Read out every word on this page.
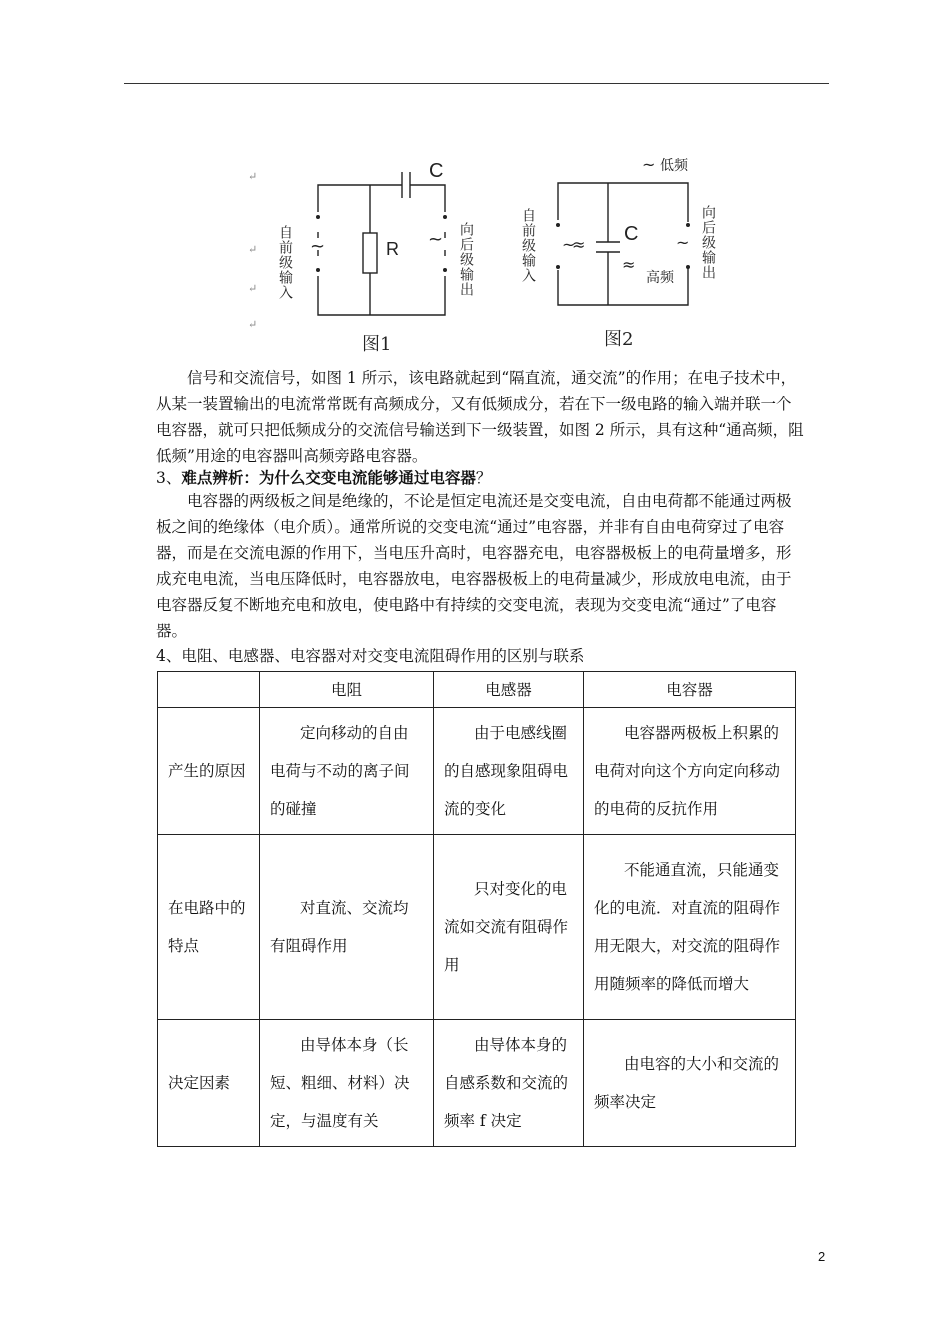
C
R
~	~
自前级输入	向后级输出
图1
↵
↵
↵
↵
~ 低频
C
~
≈
≈
高频
~
自前级输入	向后级输出
图2

信号和交流信号，如图 1 所示，该电路就起到“隔直流，通交流”的作用；在电子技术中，从某一装置输出的电流常常既有高频成分，又有低频成分，若在下一级电路的输入端并联一个电容器，就可只把低频成分的交流信号输送到下一级装置，如图 2 所示，具有这种“通高频，阻低频”用途的电容器叫高频旁路电容器。

3、难点辨析：为什么交变电流能够通过电容器？

电容器的两级板之间是绝缘的，不论是恒定电流还是交变电流，自由电荷都不能通过两极板之间的绝缘体（电介质）。通常所说的交变电流“通过”电容器，并非有自由电荷穿过了电容器，而是在交流电源的作用下，当电压升高时，电容器充电，电容器极板上的电荷量增多，形成充电电流，当电压降低时，电容器放电，电容器极板上的电荷量减少，形成放电电流，由于电容器反复不断地充电和放电，使电路中有持续的交变电流，表现为交变电流“通过”了电容器。

4、电阻、电感器、电容器对对交变电流阻碍作用的区别与联系

	电阻	电感器	电容器
产生的原因	定向移动的自由电荷与不动的离子间的碰撞	由于电感线圈的自感现象阻碍电流的变化	电容器两极板上积累的电荷对向这个方向定向移动的电荷的反抗作用
在电路中的特点	对直流、交流均有阻碍作用	只对变化的电流如交流有阻碍作用	不能通直流，只能通变化的电流．对直流的阻碍作用无限大，对交流的阻碍作用随频率的降低而增大
决定因素	由导体本身（长短、粗细、材料）决定，与温度有关	由导体本身的自感系数和交流的频率 f 决定	由电容的大小和交流的频率决定
2
